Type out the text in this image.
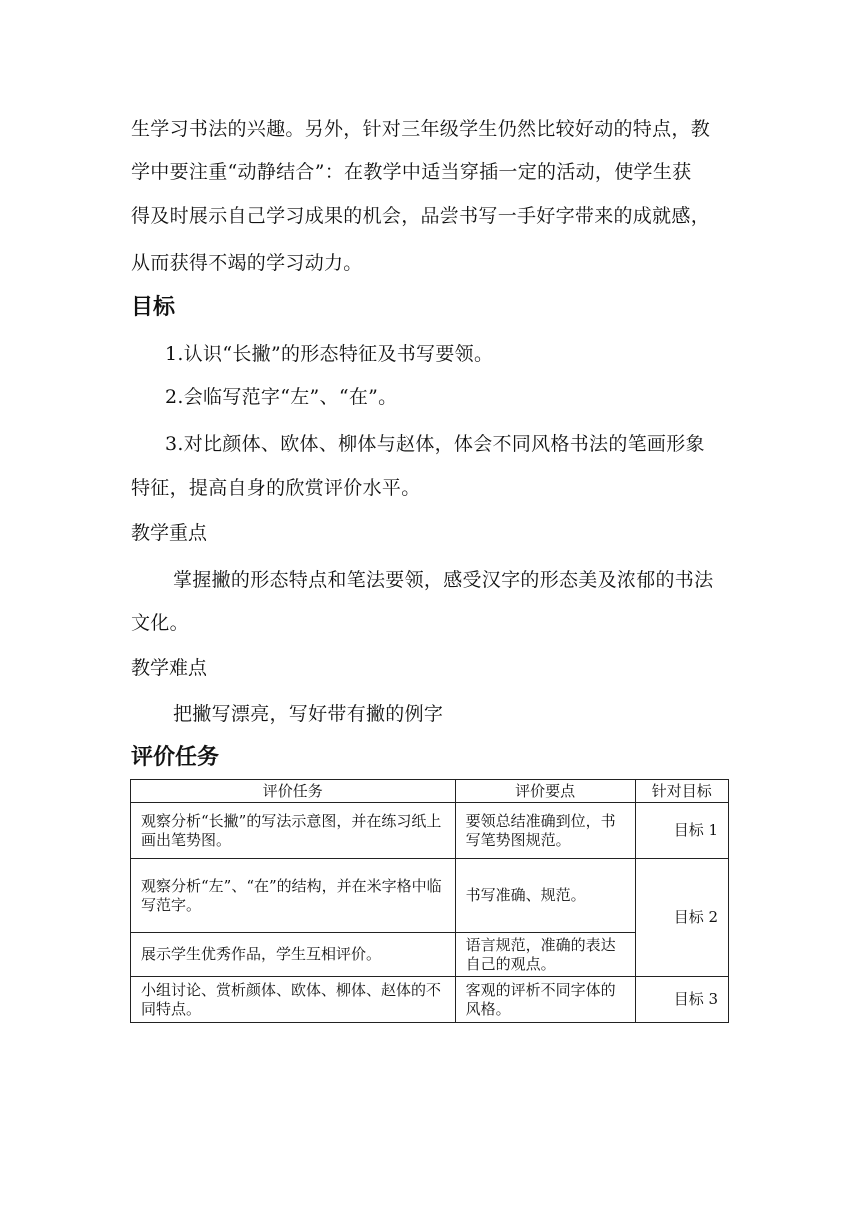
生学习书法的兴趣。另外，针对三年级学生仍然比较好动的特点，教
学中要注重“动静结合”：在教学中适当穿插一定的活动，使学生获
得及时展示自己学习成果的机会，品尝书写一手好字带来的成就感，
从而获得不竭的学习动力。
目标
1.认识“长撇”的形态特征及书写要领。
2.会临写范字“左”、“在”。
3.对比颜体、欧体、柳体与赵体，体会不同风格书法的笔画形象
特征，提高自身的欣赏评价水平。
教学重点
掌握撇的形态特点和笔法要领，感受汉字的形态美及浓郁的书法
文化。
教学难点
把撇写漂亮，写好带有撇的例字
评价任务
评价任务	评价要点	针对目标
观察分析“长撇”的写法示意图，并在练习纸上画出笔势图。	要领总结准确到位，书写笔势图规范。	目标 1
观察分析“左”、“在”的结构，并在米字格中临写范字。	书写准确、规范。	目标 2
展示学生优秀作品，学生互相评价。	语言规范，准确的表达自己的观点。	
小组讨论、赏析颜体、欧体、柳体、赵体的不同特点。	客观的评析不同字体的风格。	目标 3
